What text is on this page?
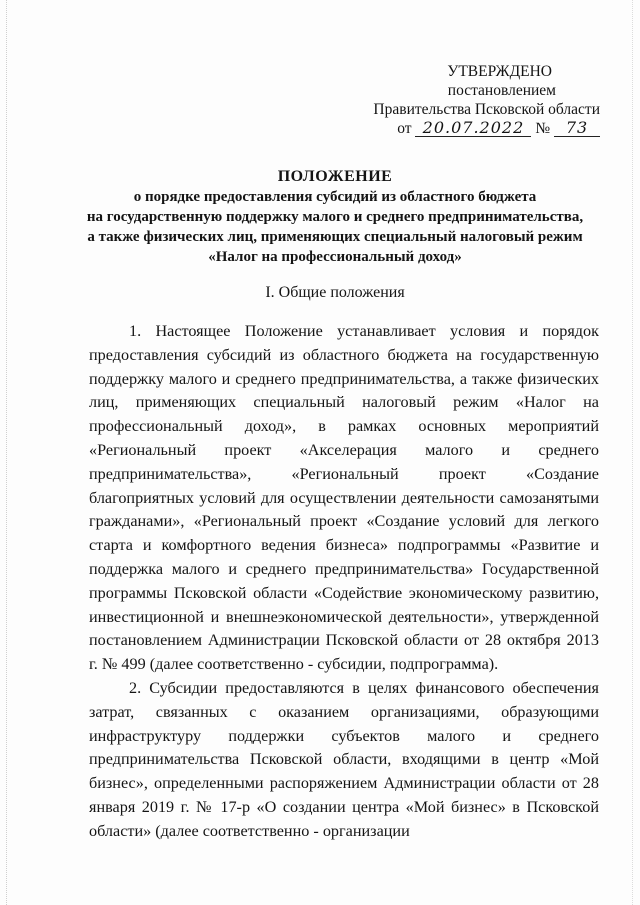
УТВЕРЖДЕНО
постановлением
Правительства Псковской области
от 20.07.2022 № 73
ПОЛОЖЕНИЕ
о порядке предоставления субсидий из областного бюджета
на государственную поддержку малого и среднего предпринимательства,
а также физических лиц, применяющих специальный налоговый режим
«Налог на профессиональный доход»
I. Общие положения

1. Настоящее Положение устанавливает условия и порядок предоставления субсидий из областного бюджета на государственную поддержку малого и среднего предпринимательства, а также физических лиц, применяющих специальный налоговый режим «Налог на профессиональный доход», в рамках основных мероприятий «Региональный проект «Акселерация малого и среднего предпринимательства», «Региональный проект «Создание благоприятных условий для осуществлении деятельности самозанятыми гражданами», «Региональный проект «Создание условий для легкого старта и комфортного ведения бизнеса» подпрограммы «Развитие и поддержка малого и среднего предпринимательства» Государственной программы Псковской области «Содействие экономическому развитию, инвестиционной и внешнеэкономической деятельности», утвержденной постановлением Администрации Псковской области от 28 октября 2013 г. № 499 (далее соответственно - субсидии, подпрограмма).

2. Субсидии предоставляются в целях финансового обеспечения затрат, связанных с оказанием организациями, образующими инфраструктуру поддержки субъектов малого и среднего предпринимательства Псковской области, входящими в центр «Мой бизнес», определенными распоряжением Администрации области от 28 января 2019 г. № 17-р «О создании центра «Мой бизнес» в Псковской области» (далее соответственно - организации
